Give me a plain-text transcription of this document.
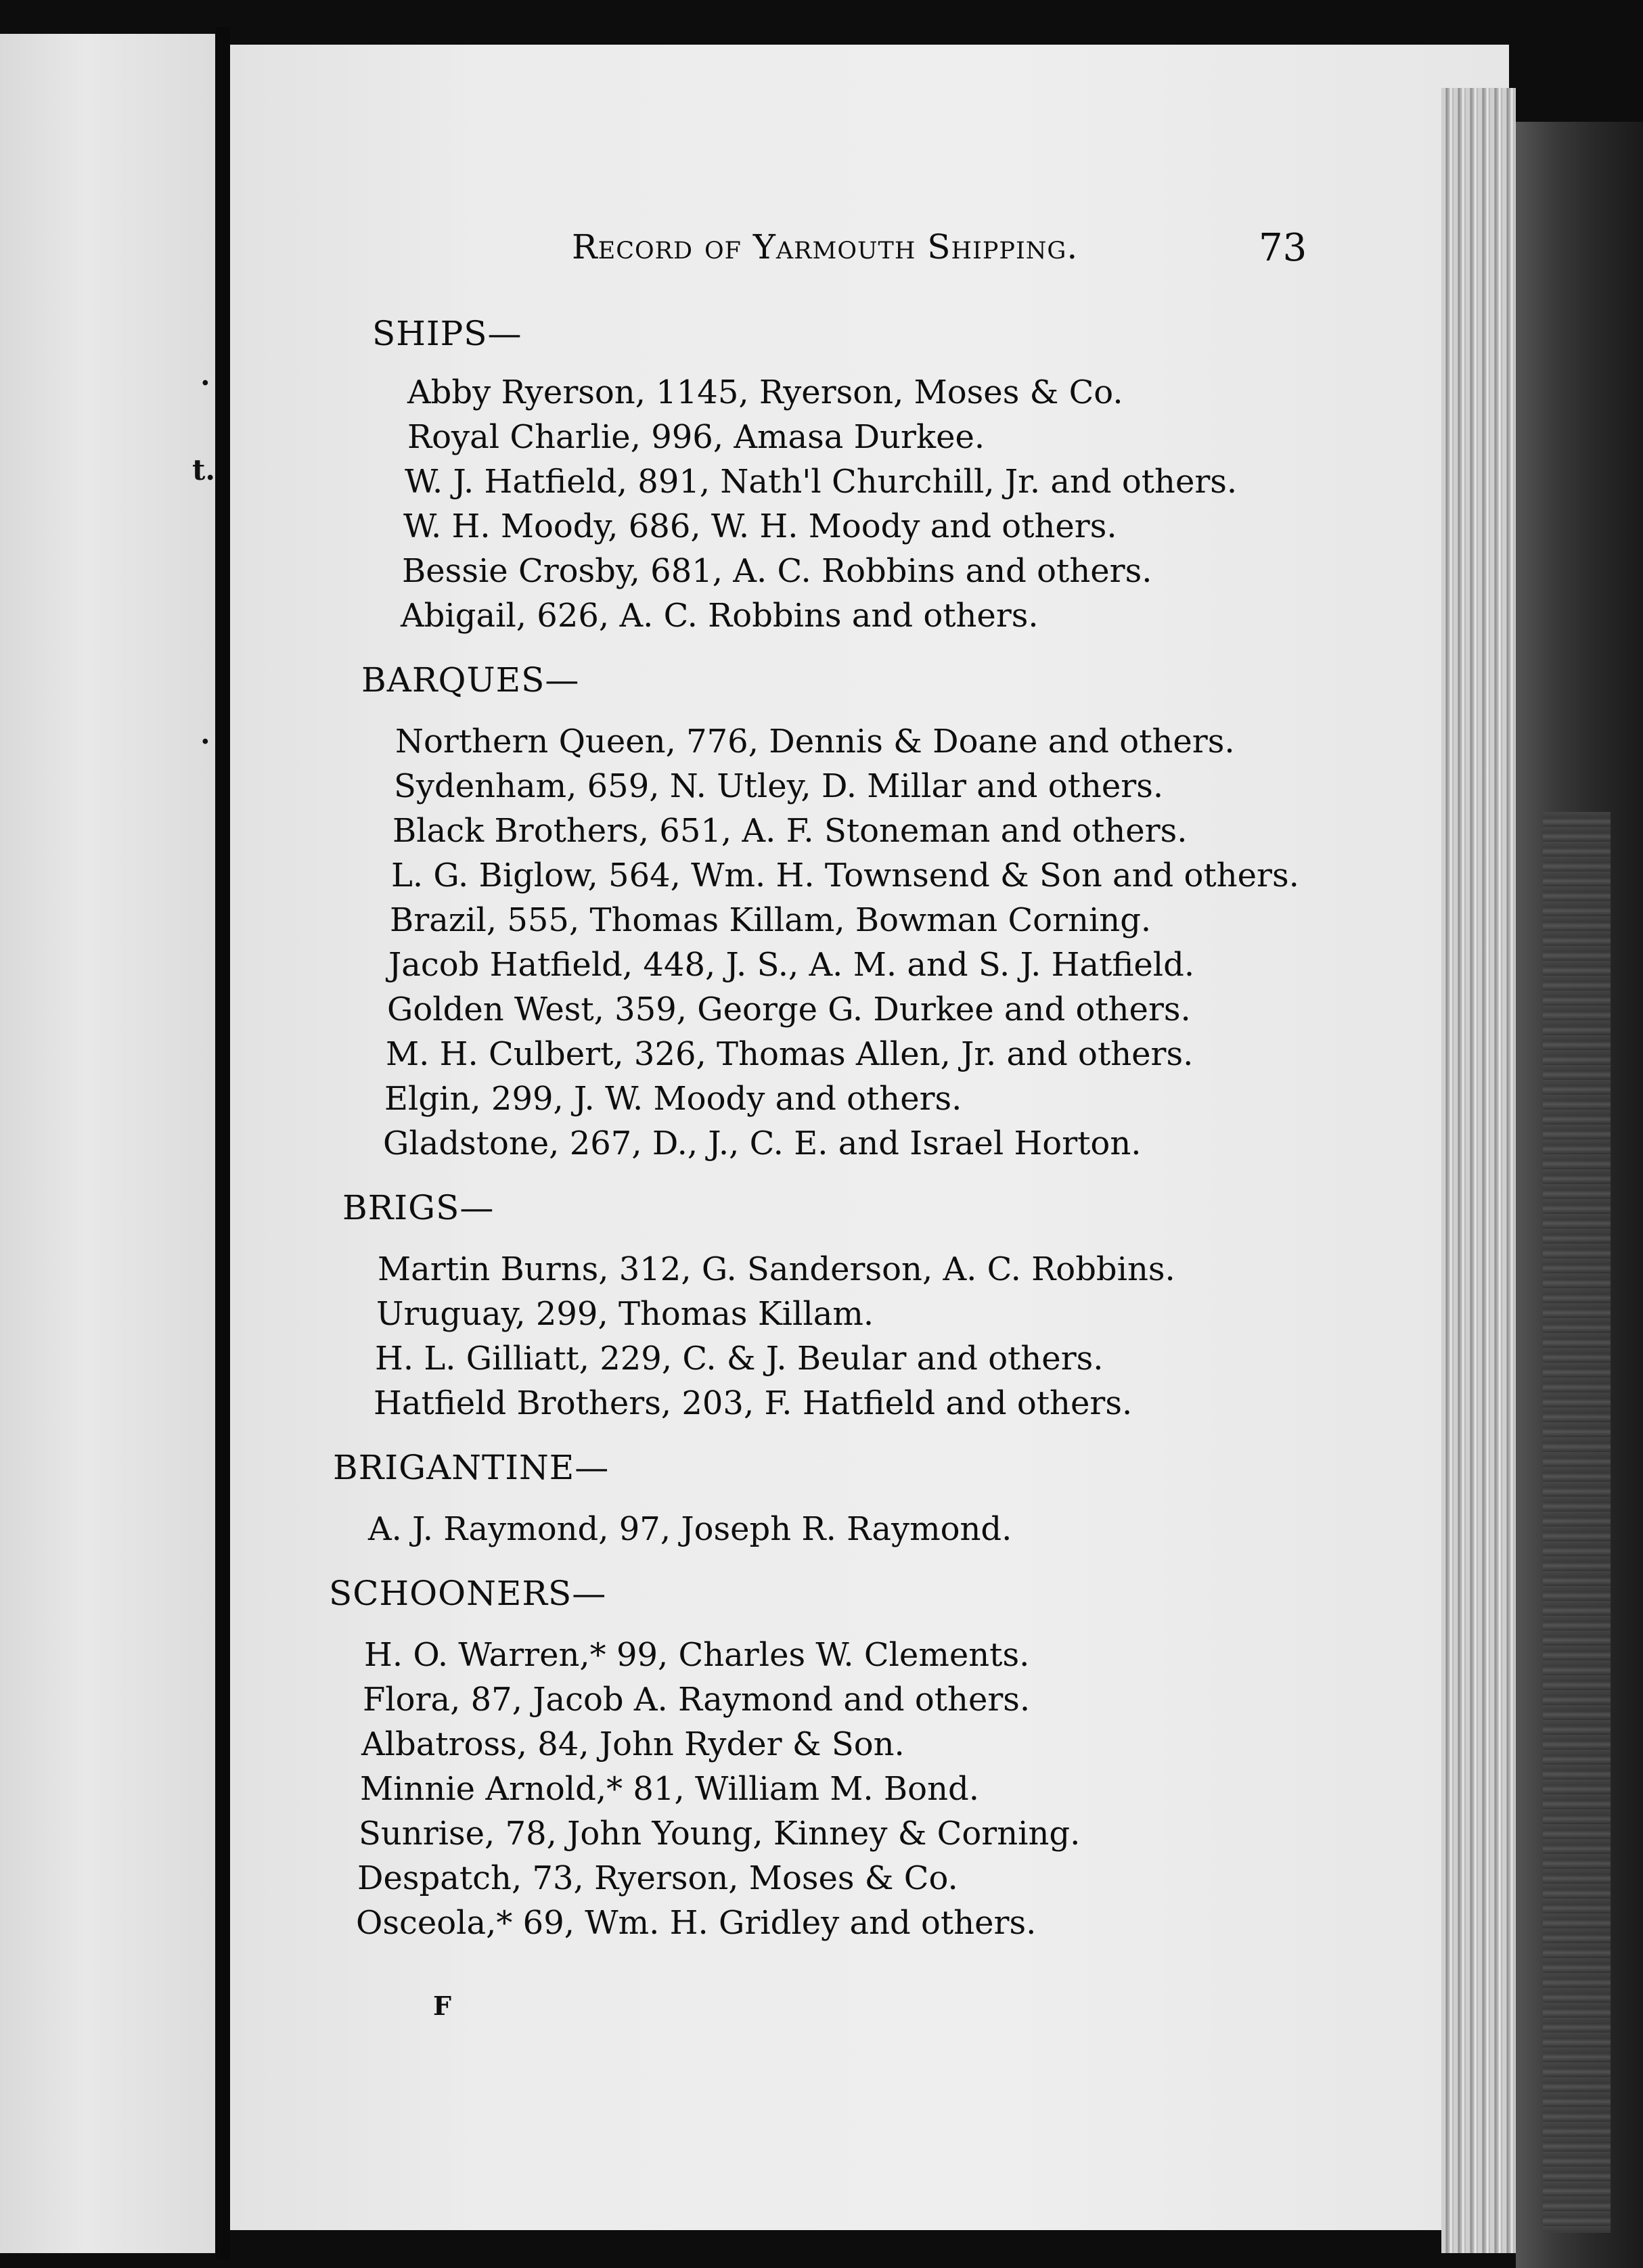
t.
.
.
Record of Yarmouth Shipping.	73
SHIPS—
Abby Ryerson, 1145, Ryerson, Moses & Co.
Royal Charlie, 996, Amasa Durkee.
W. J. Hatfield, 891, Nath'l Churchill, Jr. and others.
W. H. Moody, 686, W. H. Moody and others.
Bessie Crosby, 681, A. C. Robbins and others.
Abigail, 626, A. C. Robbins and others.
BARQUES—
Northern Queen, 776, Dennis & Doane and others.
Sydenham, 659, N. Utley, D. Millar and others.
Black Brothers, 651, A. F. Stoneman and others.
L. G. Biglow, 564, Wm. H. Townsend & Son and others.
Brazil, 555, Thomas Killam, Bowman Corning.
Jacob Hatfield, 448, J. S., A. M. and S. J. Hatfield.
Golden West, 359, George G. Durkee and others.
M. H. Culbert, 326, Thomas Allen, Jr. and others.
Elgin, 299, J. W. Moody and others.
Gladstone, 267, D., J., C. E. and Israel Horton.
BRIGS—
Martin Burns, 312, G. Sanderson, A. C. Robbins.
Uruguay, 299, Thomas Killam.
H. L. Gilliatt, 229, C. & J. Beular and others.
Hatfield Brothers, 203, F. Hatfield and others.
BRIGANTINE—
A. J. Raymond, 97, Joseph R. Raymond.
SCHOONERS—
H. O. Warren,* 99, Charles W. Clements.
Flora, 87, Jacob A. Raymond and others.
Albatross, 84, John Ryder & Son.
Minnie Arnold,* 81, William M. Bond.
Sunrise, 78, John Young, Kinney & Corning.
Despatch, 73, Ryerson, Moses & Co.
Osceola,* 69, Wm. H. Gridley and others.
F
